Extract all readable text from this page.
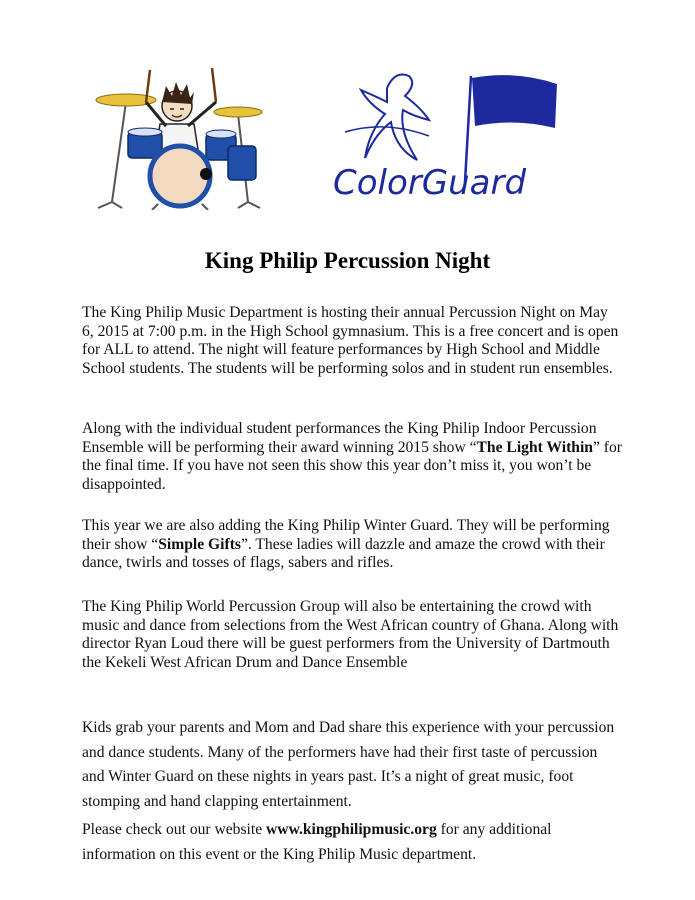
ColorGuard
King Philip Percussion Night

The King Philip Music Department is hosting their annual Percussion Night on May 6, 2015 at 7:00 p.m. in the High School gymnasium. This is a free concert and is open for ALL to attend. The night will feature performances by High School and Middle School students. The students will be performing solos and in student run ensembles.

Along with the individual student performances the King Philip Indoor Percussion Ensemble will be performing their award winning 2015 show “The Light Within” for the final time. If you have not seen this show this year don’t miss it, you won’t be disappointed.

This year we are also adding the King Philip Winter Guard. They will be performing their show “Simple Gifts”. These ladies will dazzle and amaze the crowd with their dance, twirls and tosses of flags, sabers and rifles.

The King Philip World Percussion Group will also be entertaining the crowd with music and dance from selections from the West African country of Ghana. Along with director Ryan Loud there will be guest performers from the University of Dartmouth the Kekeli West African Drum and Dance Ensemble

Kids grab your parents and Mom and Dad share this experience with your percussion and dance students. Many of the performers have had their first taste of percussion and Winter Guard on these nights in years past. It’s a night of great music, foot stomping and hand clapping entertainment.

Please check out our website www.kingphilipmusic.org for any additional information on this event or the King Philip Music department.
